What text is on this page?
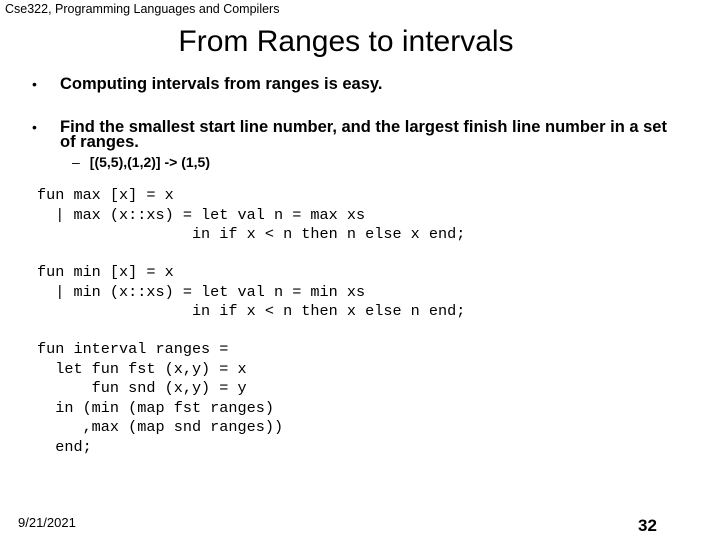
Cse322, Programming Languages and Compilers
From Ranges to intervals
• Computing intervals from ranges is easy.
• Find the smallest start line number, and the largest finish line number in a set of ranges.
– [(5,5),(1,2)] -> (1,5)
fun max [x] = x
| max (x::xs) = let val n = max xs
in if x < n then n else x end;
fun min [x] = x
| min (x::xs) = let val n = min xs
in if x < n then x else n end;
fun interval ranges =
let fun fst (x,y) = x
fun snd (x,y) = y
in (min (map fst ranges)
,max (map snd ranges))
end;
9/21/2021	32
